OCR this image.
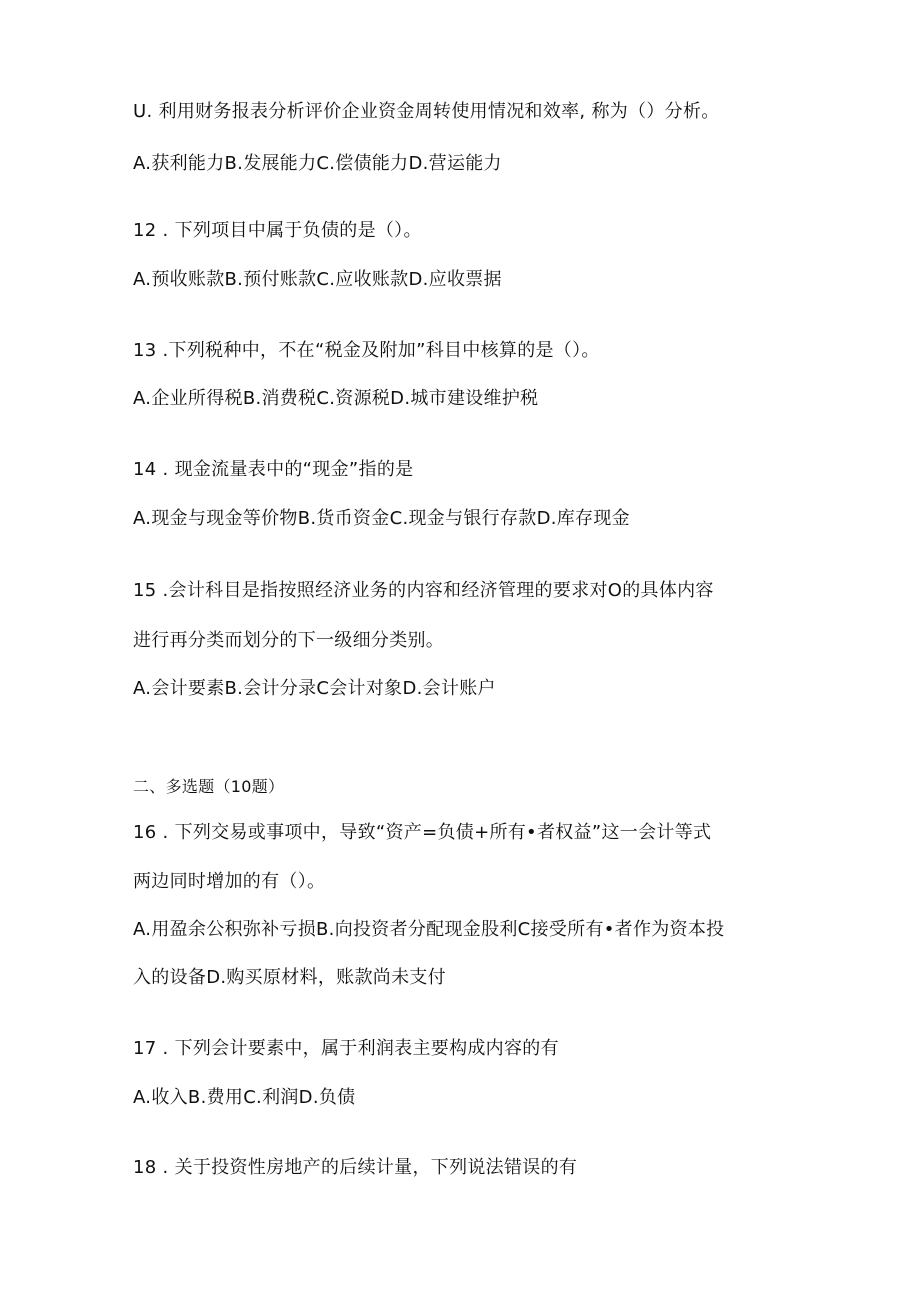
U. 利用财务报表分析评价企业资金周转使用情况和效率, 称为（）分析。
A.获利能力B.发展能力C.偿债能力D.营运能力
12 . 下列项目中属于负债的是（）。
A.预收账款B.预付账款C.应收账款D.应收票据
13 .下列税种中，不在“税金及附加”科目中核算的是（）。
A.企业所得税B.消费税C.资源税D.城市建设维护税
14 . 现金流量表中的“现金”指的是
A.现金与现金等价物B.货币资金C.现金与银行存款D.库存现金
15 .会计科目是指按照经济业务的内容和经济管理的要求对O的具体内容
进行再分类而划分的下一级细分类别。
A.会计要素B.会计分录C会计对象D.会计账户
二、多选题（10题）
16 . 下列交易或事项中，导致“资产=负债+所有•者权益”这一会计等式
两边同时增加的有（）。
A.用盈余公积弥补亏损B.向投资者分配现金股利C接受所有•者作为资本投
入的设备D.购买原材料，账款尚未支付
17 . 下列会计要素中，属于利润表主要构成内容的有
A.收入B.费用C.利润D.负债
18 . 关于投资性房地产的后续计量，下列说法错误的有
